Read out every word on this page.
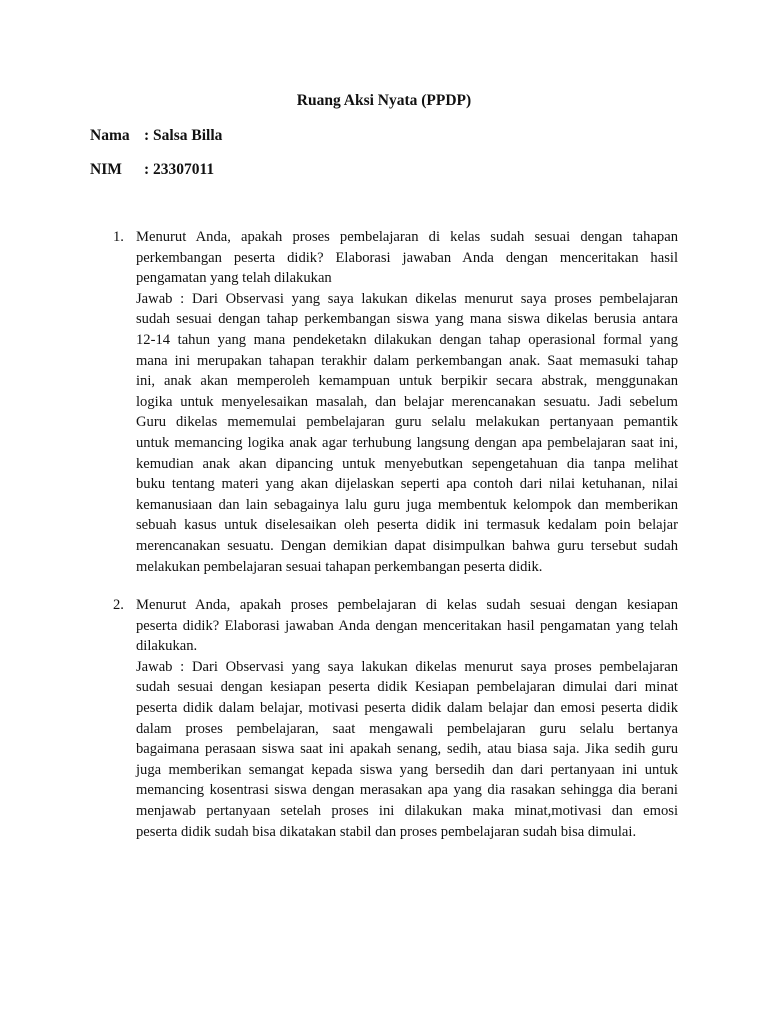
Ruang Aksi Nyata (PPDP)
Nama : Salsa Billa
NIM : 23307011
1. Menurut Anda, apakah proses pembelajaran di kelas sudah sesuai dengan tahapan
perkembangan peserta didik? Elaborasi jawaban Anda dengan menceritakan hasil
pengamatan yang telah dilakukan
Jawab : Dari Observasi yang saya lakukan dikelas menurut saya proses pembelajaran
sudah sesuai dengan tahap perkembangan siswa yang mana siswa dikelas berusia antara
12-14 tahun yang mana pendeketakn dilakukan dengan tahap operasional formal yang
mana ini merupakan tahapan terakhir dalam perkembangan anak. Saat memasuki tahap
ini, anak akan memperoleh kemampuan untuk berpikir secara abstrak, menggunakan
logika untuk menyelesaikan masalah, dan belajar merencanakan sesuatu. Jadi sebelum
Guru dikelas mememulai pembelajaran guru selalu melakukan pertanyaan pemantik
untuk memancing logika anak agar terhubung langsung dengan apa pembelajaran saat ini,
kemudian anak akan dipancing untuk menyebutkan sepengetahuan dia tanpa melihat
buku tentang materi yang akan dijelaskan seperti apa contoh dari nilai ketuhanan, nilai
kemanusiaan dan lain sebagainya lalu guru juga membentuk kelompok dan memberikan
sebuah kasus untuk diselesaikan oleh peserta didik ini termasuk kedalam poin belajar
merencanakan sesuatu. Dengan demikian dapat disimpulkan bahwa guru tersebut sudah
melakukan pembelajaran sesuai tahapan perkembangan peserta didik.
2. Menurut Anda, apakah proses pembelajaran di kelas sudah sesuai dengan kesiapan
peserta didik? Elaborasi jawaban Anda dengan menceritakan hasil pengamatan yang telah
dilakukan.
Jawab : Dari Observasi yang saya lakukan dikelas menurut saya proses pembelajaran
sudah sesuai dengan kesiapan peserta didik Kesiapan pembelajaran dimulai dari minat
peserta didik dalam belajar, motivasi peserta didik dalam belajar dan emosi peserta didik
dalam proses pembelajaran, saat mengawali pembelajaran guru selalu bertanya
bagaimana perasaan siswa saat ini apakah senang, sedih, atau biasa saja. Jika sedih guru
juga memberikan semangat kepada siswa yang bersedih dan dari pertanyaan ini untuk
memancing kosentrasi siswa dengan merasakan apa yang dia rasakan sehingga dia berani
menjawab pertanyaan setelah proses ini dilakukan maka minat,motivasi dan emosi
peserta didik sudah bisa dikatakan stabil dan proses pembelajaran sudah bisa dimulai.
